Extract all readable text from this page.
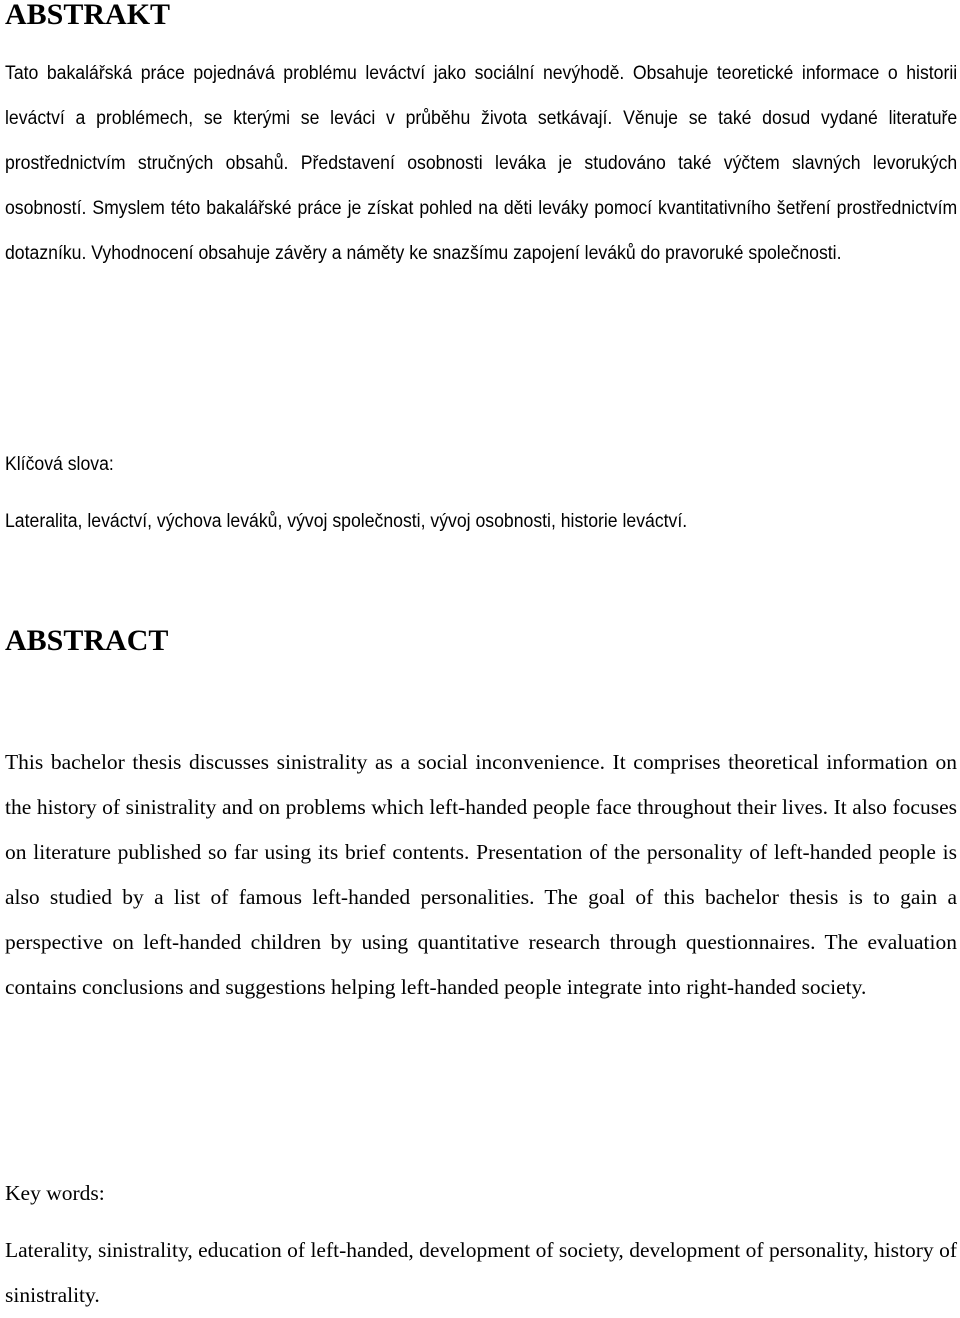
ABSTRAKT

Tato bakalářská práce pojednává problému leváctví jako sociální nevýhodě. Obsahuje teoretické informace o historii leváctví a problémech, se kterými se leváci v průběhu života setkávají. Věnuje se také dosud vydané literatuře prostřednictvím stručných obsahů. Představení osobnosti leváka je studováno také výčtem slavných levorukých osobností. Smyslem této bakalářské práce je získat pohled na děti leváky pomocí kvantitativního šetření prostřednictvím dotazníku. Vyhodnocení obsahuje závěry a náměty ke snazšímu zapojení leváků do pravoruké společnosti.

Klíčová slova:

Lateralita, leváctví, výchova leváků, vývoj společnosti, vývoj osobnosti, historie leváctví.

ABSTRACT

This bachelor thesis discusses sinistrality as a social inconvenience. It comprises theoretical information on the history of sinistrality and on problems which left-handed people face throughout their lives. It also focuses on literature published so far using its brief contents. Presentation of the personality of left-handed people is also studied by a list of famous left-handed personalities. The goal of this bachelor thesis is to gain a perspective on left-handed children by using quantitative research through questionnaires. The evaluation contains conclusions and suggestions helping left-handed people integrate into right-handed society.

Key words:

Laterality, sinistrality, education of left-handed, development of society, development of personality, history of sinistrality.
